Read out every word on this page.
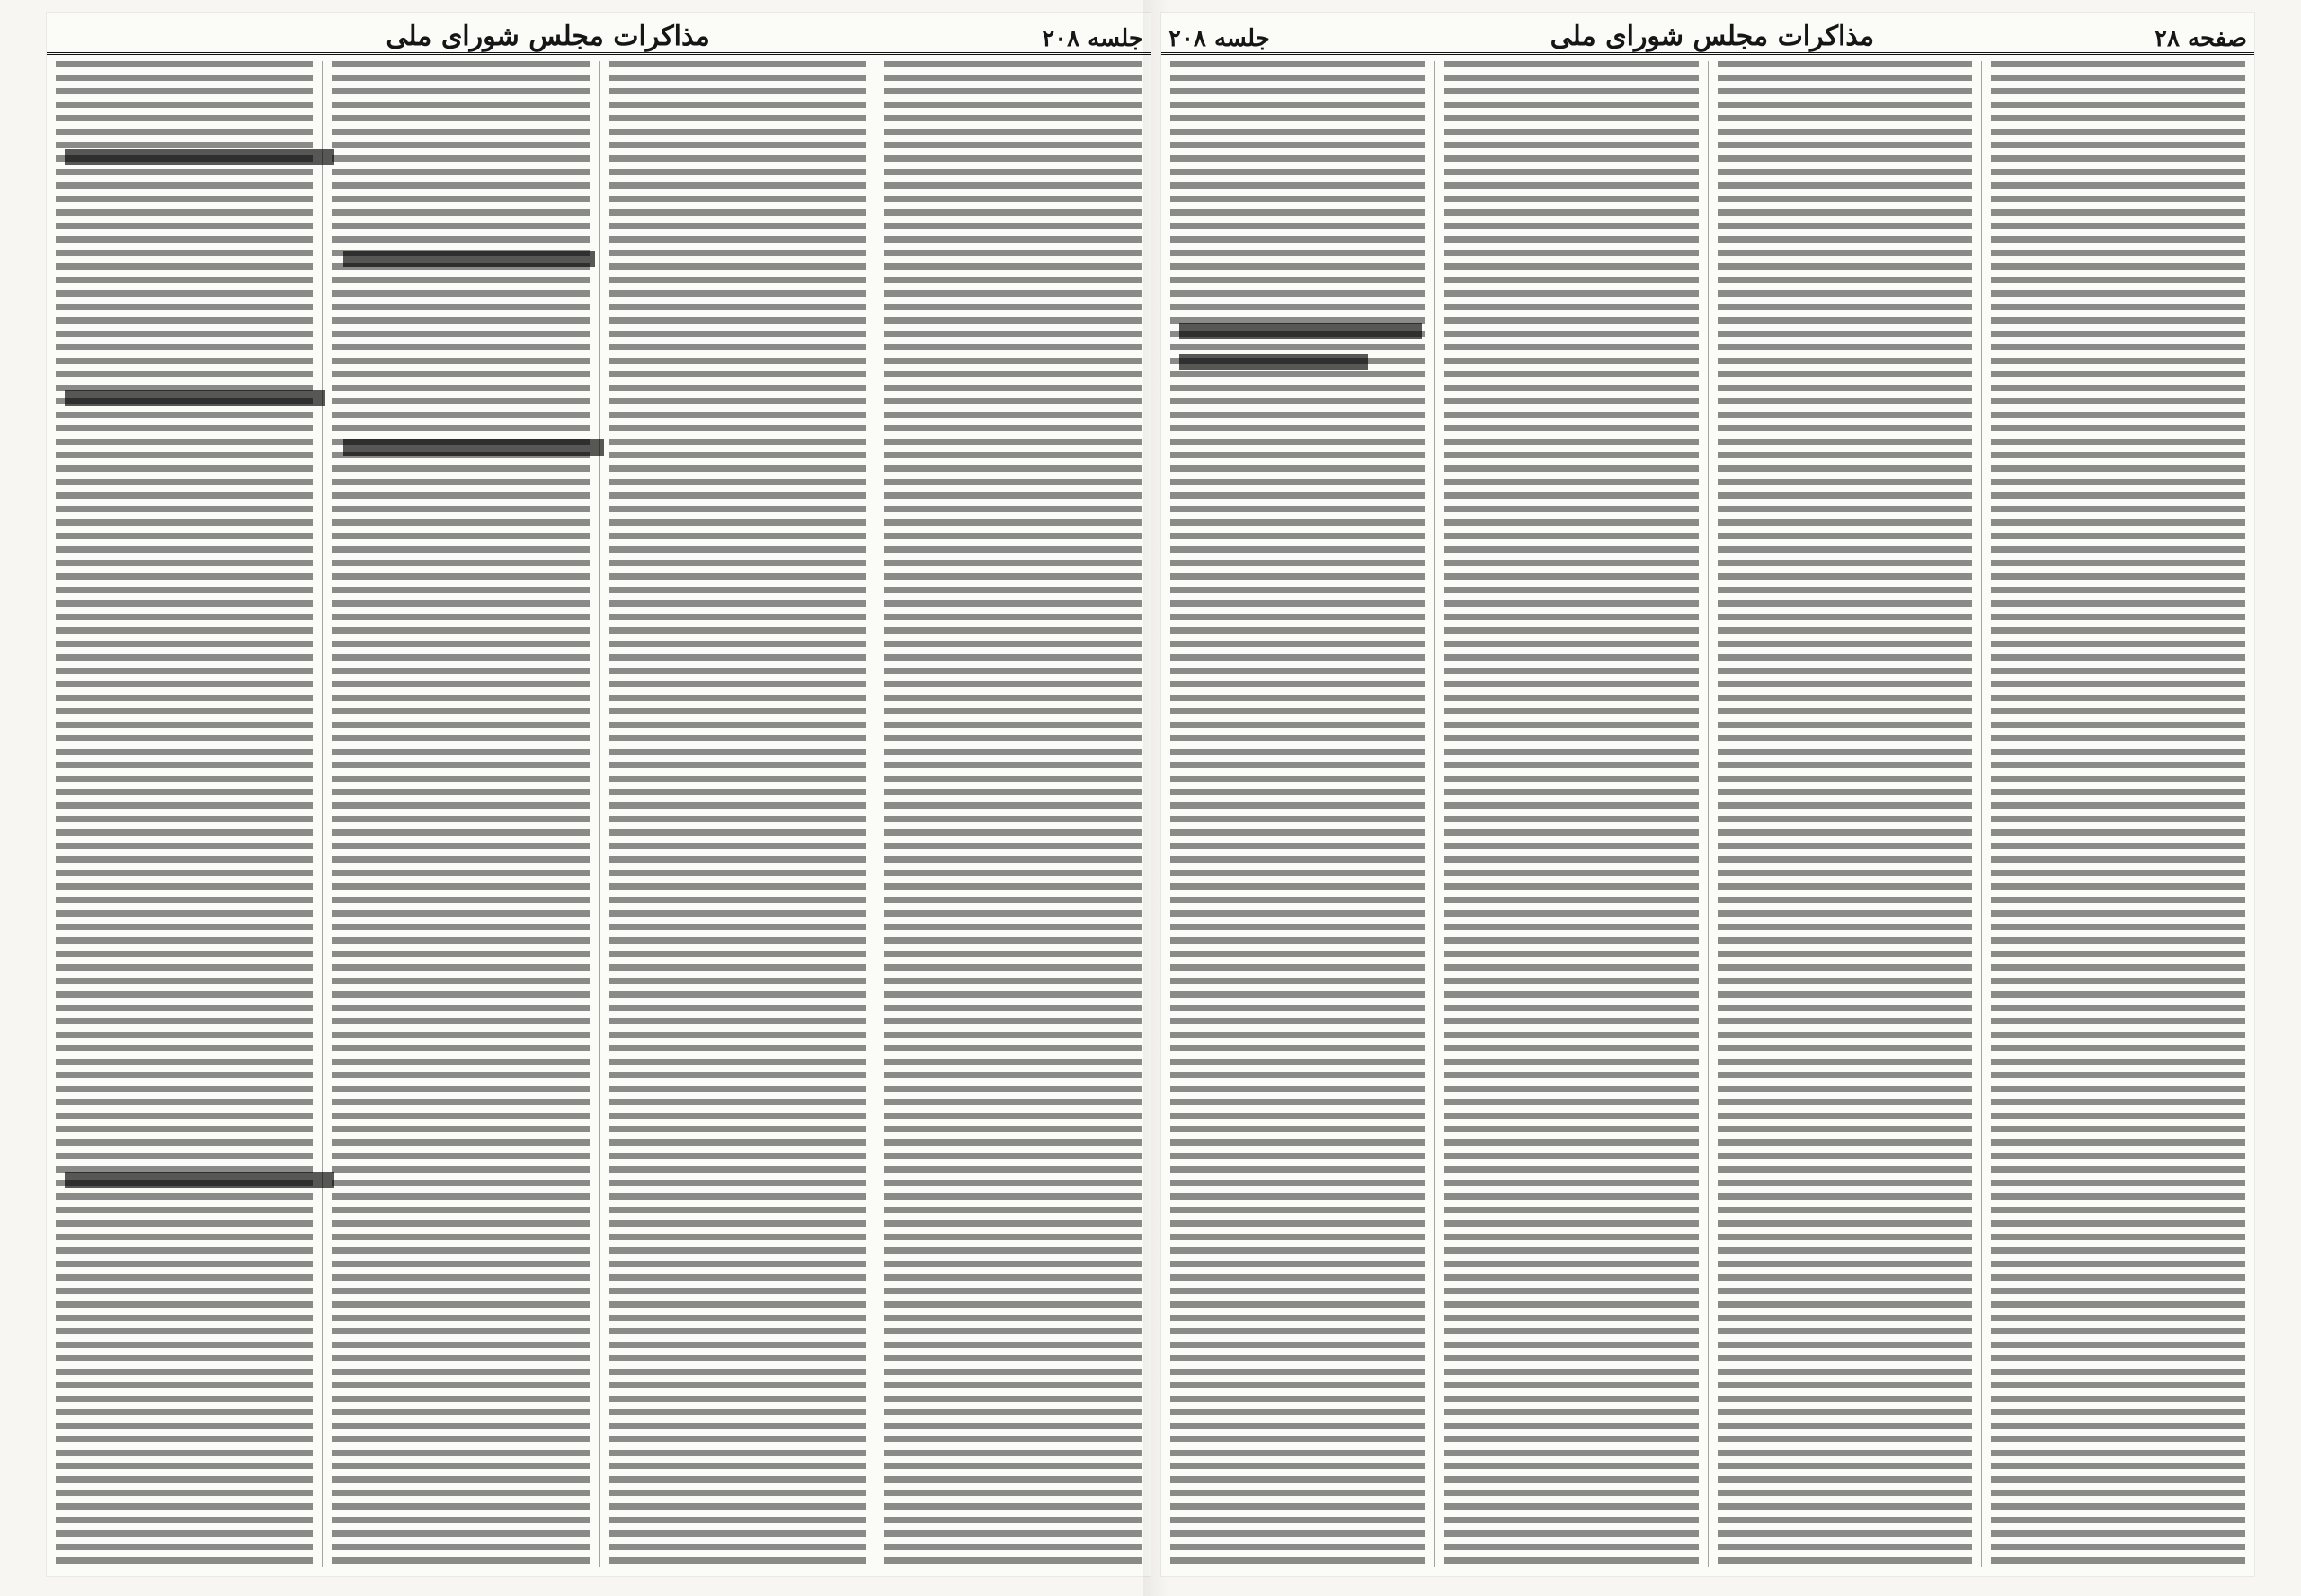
جلسه ۲۰۸
مذاکرات مجلس شورای ملی	صفحه ۲۸
مذاکرات مجلس شورای ملی
جلسه ۲۰۸
